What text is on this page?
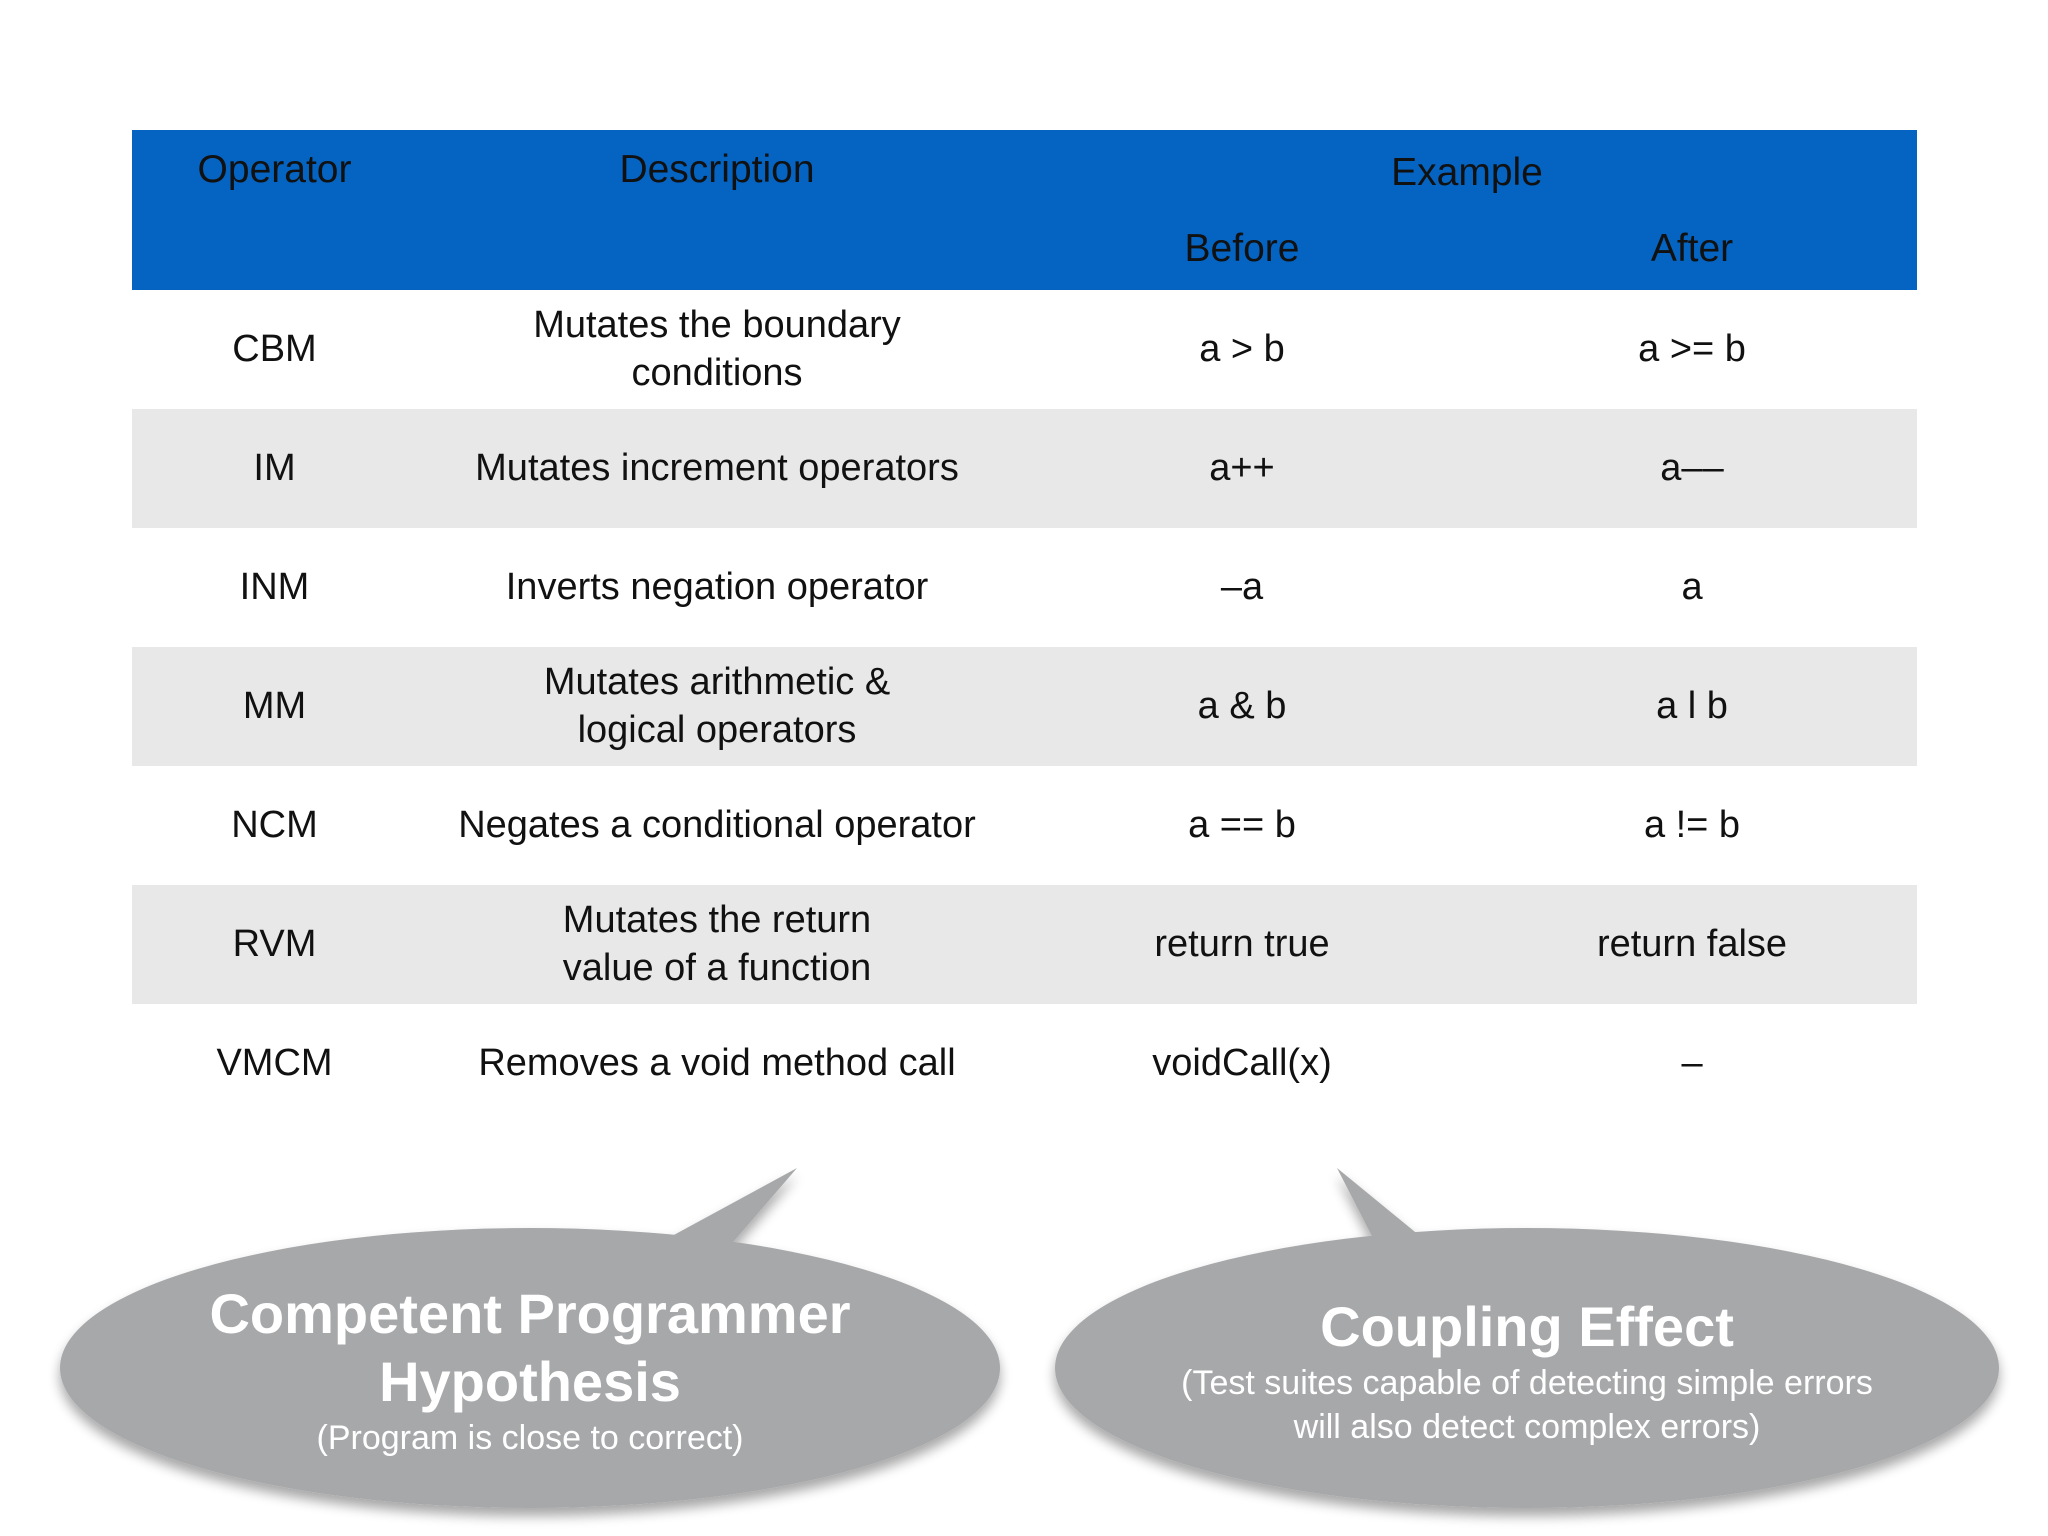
Operator	Description	Example	
		Before	After
CBM	Mutates the boundary conditions	a > b	a >= b
IM	Mutates increment operators	a++	a––
INM	Inverts negation operator	–a	a
MM	Mutates arithmetic & logical operators	a & b	a l b
NCM	Negates a conditional operator	a == b	a != b
RVM	Mutates the return value of a function	return true	return false
VMCM	Removes a void method call	voidCall(x)	–
Competent Programmer
Hypothesis
(Program is close to correct)
Coupling Effect
(Test suites capable of detecting simple errors
will also detect complex errors)
